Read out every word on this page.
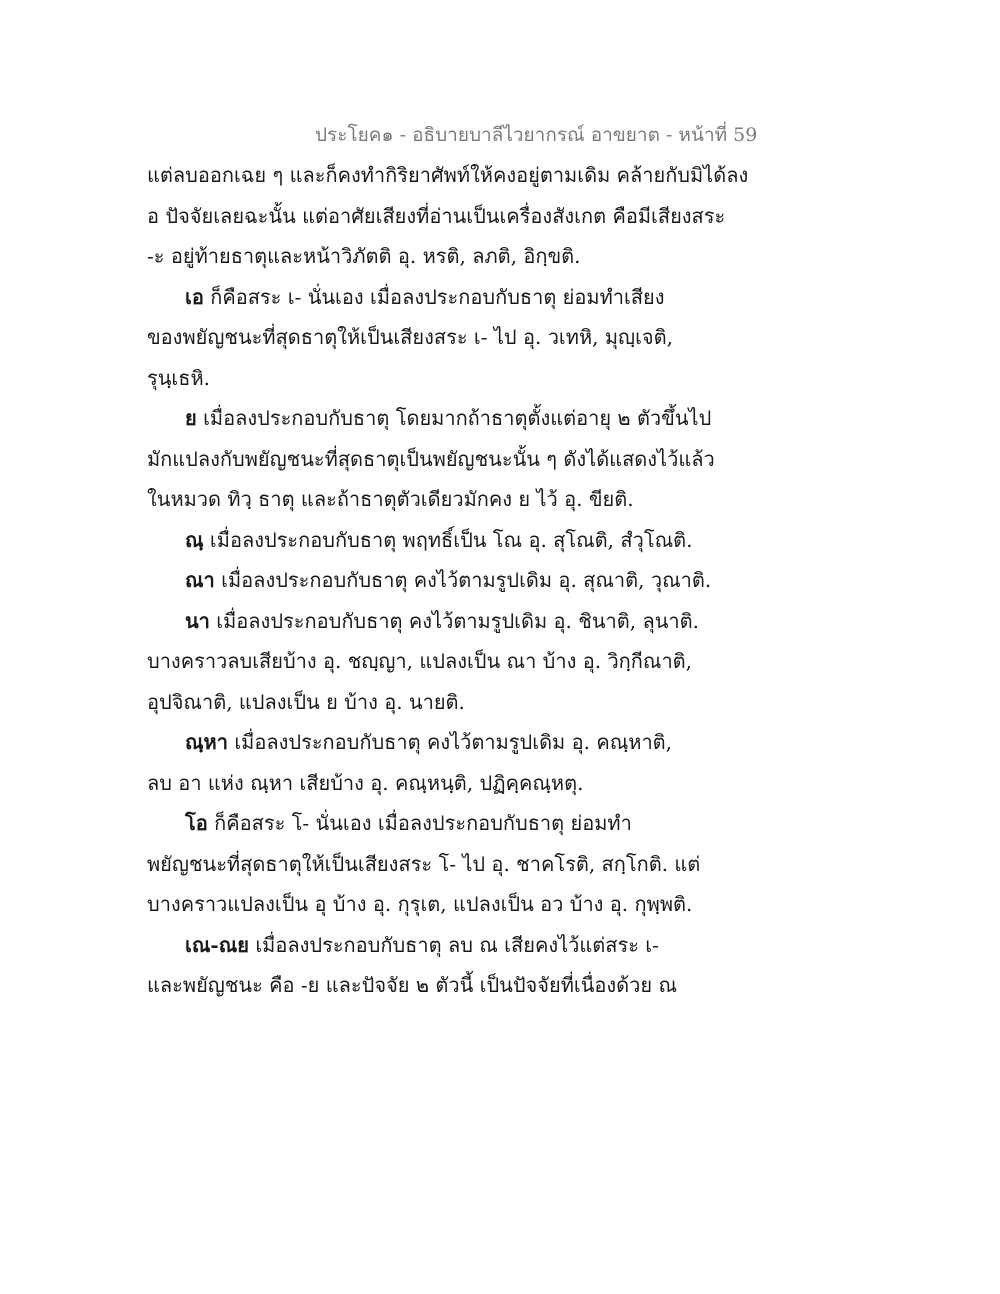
ประโยค๑ - อธิบายบาลีไวยากรณ์ อาขยาต - หน้าที่ 59
แต่ลบออกเฉย ๆ และก็คงทำกิริยาศัพท์ให้คงอยู่ตามเดิม คล้ายกับมิได้ลง
อ ปัจจัยเลยฉะนั้น แต่อาศัยเสียงที่อ่านเป็นเครื่องสังเกต คือมีเสียงสระ
-ะ อยู่ท้ายธาตุและหน้าวิภัตติ อุ. หรติ, ลภติ, อิกฺขติ.
เอ ก็คือสระ เ- นั่นเอง เมื่อลงประกอบกับธาตุ ย่อมทำเสียง
ของพยัญชนะที่สุดธาตุให้เป็นเสียงสระ เ- ไป อุ. วเทหิ, มุญฺเจติ,
รุนฺเธหิ.
ย เมื่อลงประกอบกับธาตุ โดยมากถ้าธาตุตั้งแต่อายุ ๒ ตัวขึ้นไป
มักแปลงกับพยัญชนะที่สุดธาตุเป็นพยัญชนะนั้น ๆ ดังได้แสดงไว้แล้ว
ในหมวด ทิวฺ ธาตุ และถ้าธาตุตัวเดียวมักคง ย ไว้ อุ. ขียติ.
ณฺ เมื่อลงประกอบกับธาตุ พฤทธิ์เป็น โณ อุ. สุโณติ, สํวุโณติ.
ณา เมื่อลงประกอบกับธาตุ คงไว้ตามรูปเดิม อุ. สุณาติ, วุณาติ.
นา เมื่อลงประกอบกับธาตุ คงไว้ตามรูปเดิม อุ. ชินาติ, ลุนาติ.
บางคราวลบเสียบ้าง อุ. ชญฺญา, แปลงเป็น ณา บ้าง อุ. วิกฺกีณาติ,
อุปจิณาติ, แปลงเป็น ย บ้าง อุ. นายติ.
ณฺหา เมื่อลงประกอบกับธาตุ คงไว้ตามรูปเดิม อุ. คณฺหาติ,
ลบ อา แห่ง ณฺหา เสียบ้าง อุ. คณฺหนฺติ, ปฏิคฺคณฺหตุ.
โอ ก็คือสระ โ- นั่นเอง เมื่อลงประกอบกับธาตุ ย่อมทำ
พยัญชนะที่สุดธาตุให้เป็นเสียงสระ โ- ไป อุ. ชาคโรติ, สกฺโกติ. แต่
บางคราวแปลงเป็น อุ บ้าง อุ. กุรุเต, แปลงเป็น อว บ้าง อุ. กุพฺพติ.
เณ-ณย เมื่อลงประกอบกับธาตุ ลบ ณ เสียคงไว้แต่สระ เ-
และพยัญชนะ คือ -ย และปัจจัย ๒ ตัวนี้ เป็นปัจจัยที่เนื่องด้วย ณ
